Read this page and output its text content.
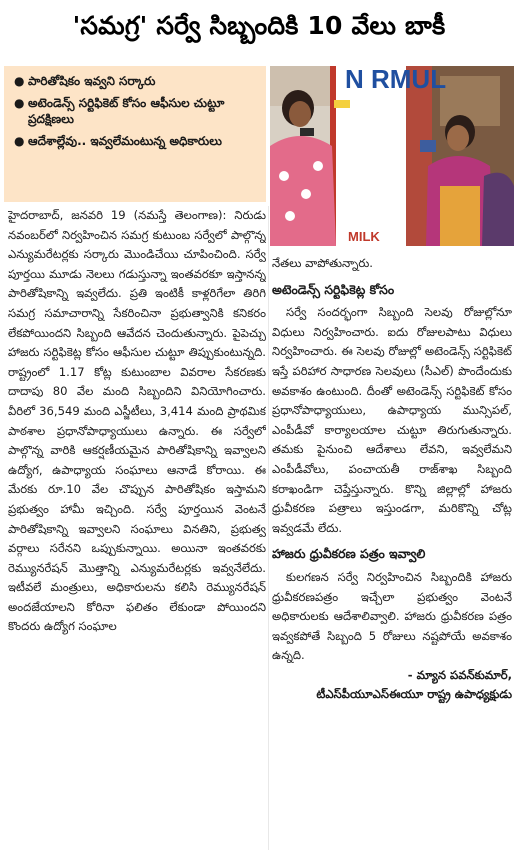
'సమగ్ర' సర్వే సిబ్బందికి 10 వేలు బాకీ
● పారితోషికం ఇవ్వని సర్కారు
● అటెండెన్స్ సర్టిఫికెట్ కోసం ఆఫీసుల చుట్టూ ప్రదక్షిణలు
● ఆదేశాల్లేవు.. ఇవ్వలేమంటున్న అధికారులు
N RMUL
MILK

హైదరాబాద్, జనవరి 19 (నమస్తే తెలంగాణ): నిరుడు నవంబర్‌లో నిర్వహించిన సమగ్ర కుటుంబ సర్వేలో పాల్గొన్న ఎన్యుమరేటర్లకు సర్కారు మొండిచేయి చూపించింది. సర్వే పూర్తయి మూడు నెలలు గడుస్తున్నా ఇంతవరకూ ఇస్తానన్న పారితోషికాన్ని ఇవ్వలేదు. ప్రతి ఇంటికీ కాళ్లరిగేలా తిరిగి సమగ్ర సమాచారాన్ని సేకరించినా ప్రభుత్వానికి కనికరం లేకపోయిందని సిబ్బంది ఆవేదన చెందుతున్నారు. పైపెచ్చు హాజరు సర్టిఫికెట్ల కోసం ఆఫీసుల చుట్టూ తిప్పుకుంటున్నది. రాష్ట్రంలో 1.17 కోట్ల కుటుంబాల వివరాల సేకరణకు దాదాపు 80 వేల మంది సిబ్బందిని వినియోగించారు. వీరిలో 36,549 మంది ఎస్జీటీలు, 3,414 మంది ప్రాథమిక పాఠశాల ప్రధానోపాధ్యాయులు ఉన్నారు. ఈ సర్వేలో పాల్గొన్న వారికి ఆకర్షణీయమైన పారితోషికాన్ని ఇవ్వాలని ఉద్యోగ, ఉపాధ్యాయ సంఘాలు ఆనాడే కోరాయి. ఈ మేరకు రూ.10 వేల చొప్పున పారితోషికం ఇస్తామని ప్రభుత్వం హామీ ఇచ్చింది. సర్వే పూర్తయిన వెంటనే పారితోషికాన్ని ఇవ్వాలని సంఘాలు వినతిని, ప్రభుత్వ వర్గాలు సరేనని ఒప్పుకున్నాయి. అయినా ఇంతవరకు రెమ్యునరేషన్ మొత్తాన్ని ఎన్యుమరేటర్లకు ఇవ్వనేలేదు. ఇటీవలే మంత్రులు, అధికారులను కలిసి రెమ్యునరేషన్ అందజేయాలని కోరినా ఫలితం లేకుండా పోయిందని కొందరు ఉద్యోగ సంఘాల

నేతలు వాపోతున్నారు.

అటెండెన్స్ సర్టిఫికెట్ల కోసం

సర్వే సందర్భంగా సిబ్బంది సెలవు రోజుల్లోనూ విధులు నిర్వహించారు. ఐదు రోజులపాటు విధులు నిర్వహించారు. ఈ సెలవు రోజుల్లో అటెండెన్స్ సర్టిఫికెట్ ఇస్తే పరిహార సాధారణ సెలవులు (సీఎల్) పొందేందుకు అవకాశం ఉంటుంది. దీంతో అటెండెన్స్ సర్టిఫికెట్ కోసం ప్రధానోపాధ్యాయులు, ఉపాధ్యాయ మున్సిపల్, ఎంపీడీవో కార్యాలయాల చుట్టూ తిరుగుతున్నారు. తమకు పైనుంచి ఆదేశాలు లేవని, ఇవ్వలేమని ఎంపీడీవోలు, పంచాయతీ రాజ్‌శాఖ సిబ్బంది కరాఖండిగా చెప్తేస్తున్నారు. కొన్ని జిల్లాల్లో హాజరు ధ్రువీకరణ పత్రాలు ఇస్తుండగా, మరికొన్ని చోట్ల ఇవ్వడమే లేదు.

హాజరు ధ్రువీకరణ పత్రం ఇవ్వాలి

కులగణన సర్వే నిర్వహించిన సిబ్బందికి హాజరు ధ్రువీకరణపత్రం ఇచ్చేలా ప్రభుత్వం వెంటనే అధికారులకు ఆదేశాలివ్వాలి. హాజరు ధ్రువీకరణ పత్రం ఇవ్వకపోతే సిబ్బంది 5 రోజులు నష్టపోయే అవకాశం ఉన్నది.

- మ్యాన పవన్‌కుమార్,

టీఎస్‌పీయూఎస్‌ఈయూ రాష్ట్ర ఉపాధ్యక్షుడు
